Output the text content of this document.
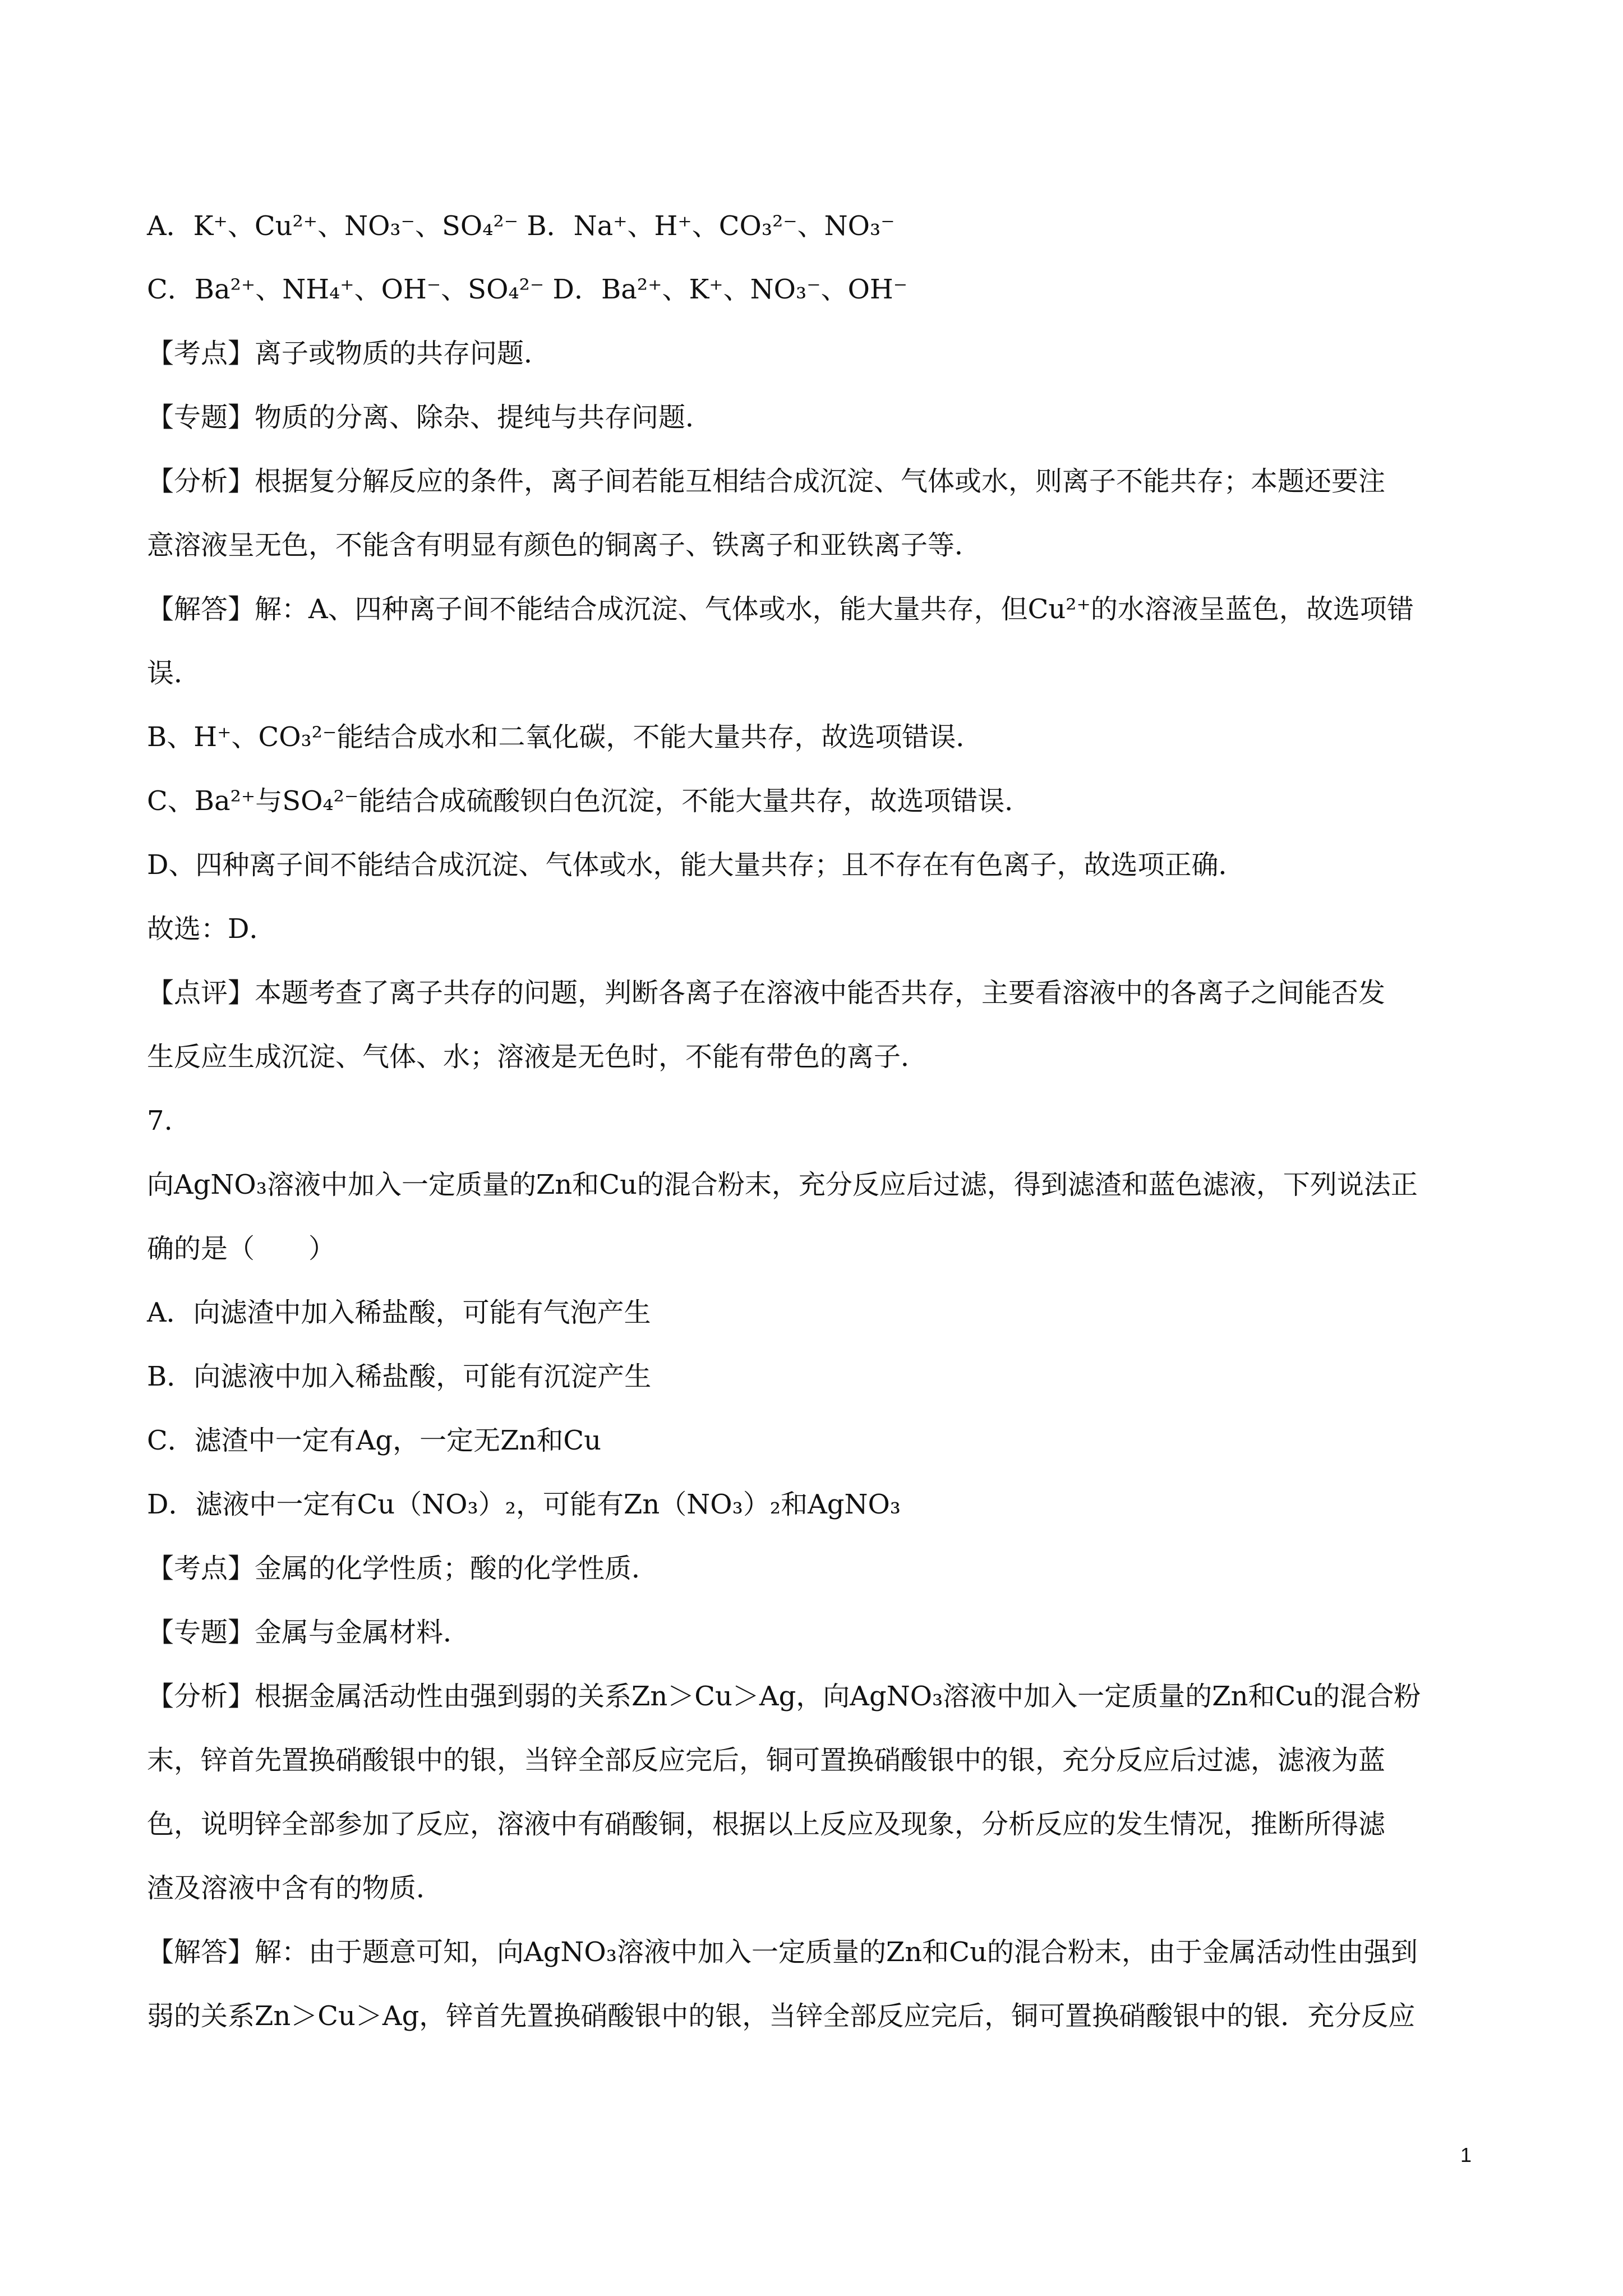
A．K⁺、Cu²⁺、NO₃⁻、SO₄²⁻ B．Na⁺、H⁺、CO₃²⁻、NO₃⁻
C．Ba²⁺、NH₄⁺、OH⁻、SO₄²⁻ D．Ba²⁺、K⁺、NO₃⁻、OH⁻
【考点】离子或物质的共存问题．
【专题】物质的分离、除杂、提纯与共存问题．
【分析】根据复分解反应的条件，离子间若能互相结合成沉淀、气体或水，则离子不能共存；本题还要注
意溶液呈无色，不能含有明显有颜色的铜离子、铁离子和亚铁离子等．
【解答】解：A、四种离子间不能结合成沉淀、气体或水，能大量共存，但Cu²⁺的水溶液呈蓝色，故选项错
误．
B、H⁺、CO₃²⁻能结合成水和二氧化碳，不能大量共存，故选项错误．
C、Ba²⁺与SO₄²⁻能结合成硫酸钡白色沉淀，不能大量共存，故选项错误．
D、四种离子间不能结合成沉淀、气体或水，能大量共存；且不存在有色离子，故选项正确．
故选：D．
【点评】本题考查了离子共存的问题，判断各离子在溶液中能否共存，主要看溶液中的各离子之间能否发
生反应生成沉淀、气体、水；溶液是无色时，不能有带色的离子．
7.
向AgNO₃溶液中加入一定质量的Zn和Cu的混合粉末，充分反应后过滤，得到滤渣和蓝色滤液，下列说法正
确的是（　　）
A．向滤渣中加入稀盐酸，可能有气泡产生
B．向滤液中加入稀盐酸，可能有沉淀产生
C．滤渣中一定有Ag，一定无Zn和Cu
D．滤液中一定有Cu（NO₃）₂，可能有Zn（NO₃）₂和AgNO₃
【考点】金属的化学性质；酸的化学性质．
【专题】金属与金属材料．
【分析】根据金属活动性由强到弱的关系Zn＞Cu＞Ag，向AgNO₃溶液中加入一定质量的Zn和Cu的混合粉
末，锌首先置换硝酸银中的银，当锌全部反应完后，铜可置换硝酸银中的银，充分反应后过滤，滤液为蓝
色，说明锌全部参加了反应，溶液中有硝酸铜，根据以上反应及现象，分析反应的发生情况，推断所得滤
渣及溶液中含有的物质．
【解答】解：由于题意可知，向AgNO₃溶液中加入一定质量的Zn和Cu的混合粉末，由于金属活动性由强到
弱的关系Zn＞Cu＞Ag，锌首先置换硝酸银中的银，当锌全部反应完后，铜可置换硝酸银中的银．充分反应
1
